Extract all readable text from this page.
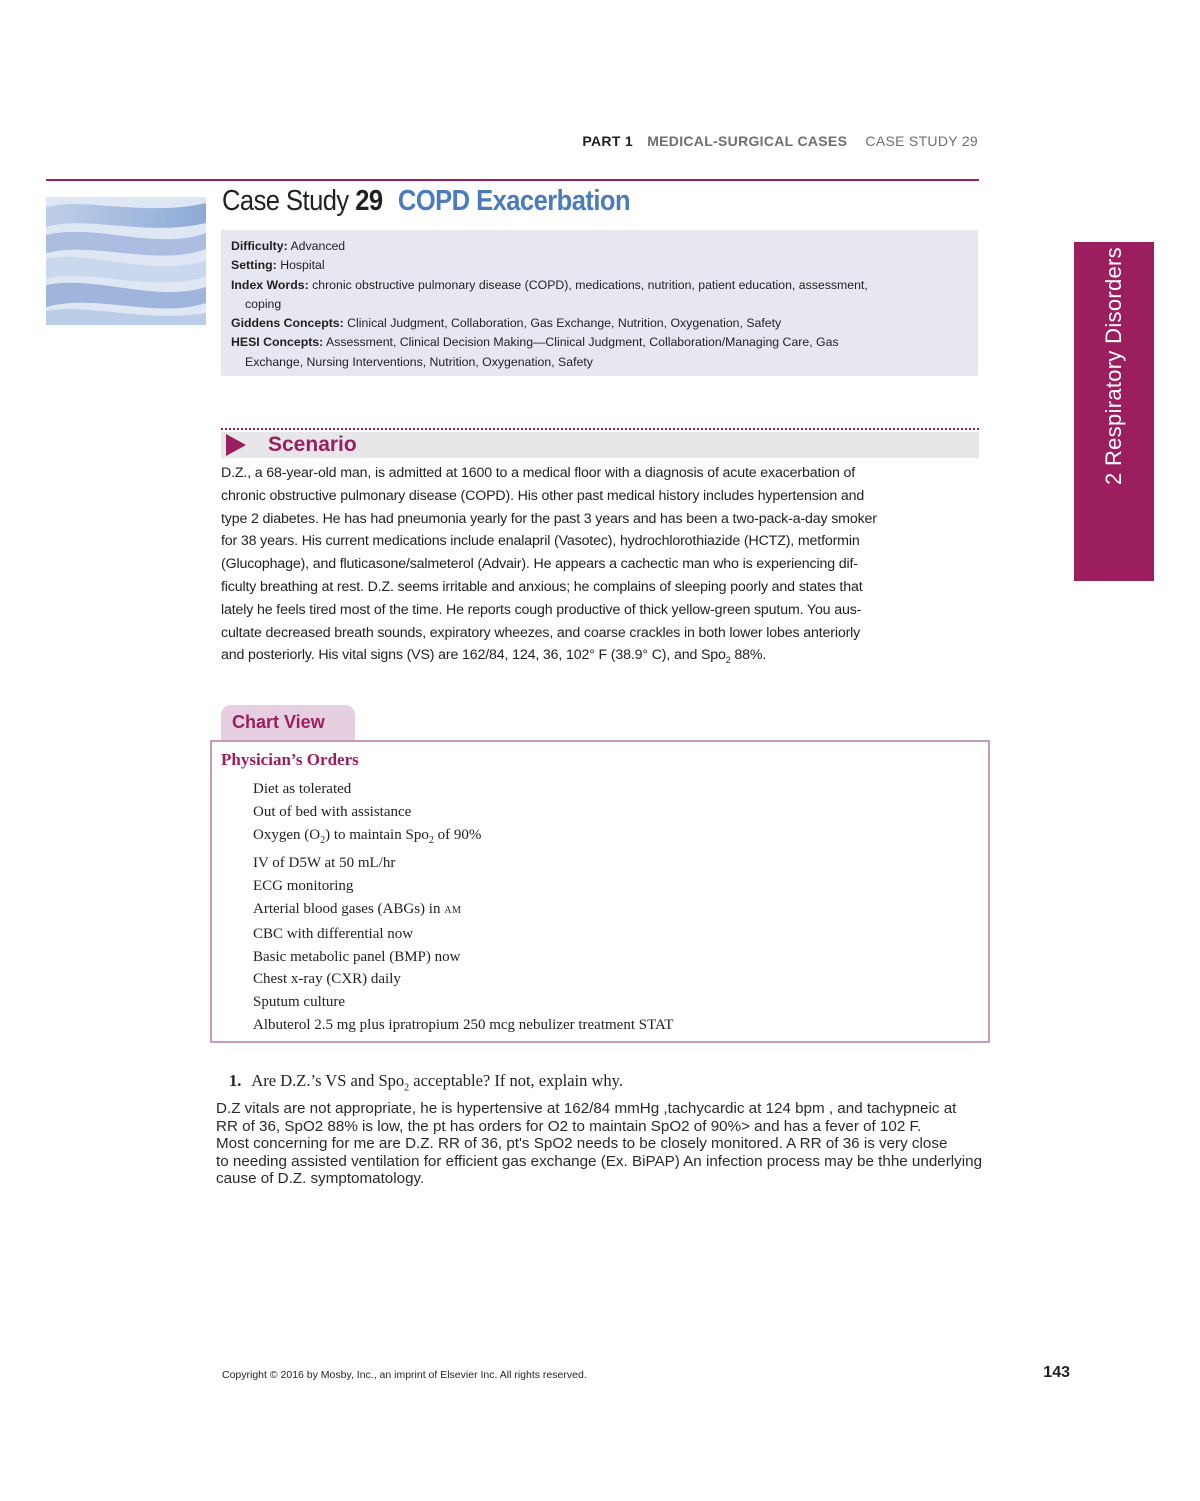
PART 1 MEDICAL-SURGICAL CASES CASE STUDY 29
Case Study 29 COPD Exacerbation
Difficulty: Advanced
Setting: Hospital
Index Words: chronic obstructive pulmonary disease (COPD), medications, nutrition, patient education, assessment,
coping
Giddens Concepts: Clinical Judgment, Collaboration, Gas Exchange, Nutrition, Oxygenation, Safety
HESI Concepts: Assessment, Clinical Decision Making—Clinical Judgment, Collaboration/Managing Care, Gas
Exchange, Nursing Interventions, Nutrition, Oxygenation, Safety
Scenario
D.Z., a 68-year-old man, is admitted at 1600 to a medical floor with a diagnosis of acute exacerbation of
chronic obstructive pulmonary disease (COPD). His other past medical history includes hypertension and
type 2 diabetes. He has had pneumonia yearly for the past 3 years and has been a two-pack-a-day smoker
for 38 years. His current medications include enalapril (Vasotec), hydrochlorothiazide (HCTZ), metformin
(Glucophage), and fluticasone/salmeterol (Advair). He appears a cachectic man who is experiencing dif-
ficulty breathing at rest. D.Z. seems irritable and anxious; he complains of sleeping poorly and states that
lately he feels tired most of the time. He reports cough productive of thick yellow-green sputum. You aus-
cultate decreased breath sounds, expiratory wheezes, and coarse crackles in both lower lobes anteriorly
and posteriorly. His vital signs (VS) are 162/84, 124, 36, 102° F (38.9° C), and Spo$_2$ 88%.
Chart View
Physician’s Orders
Diet as tolerated
Out of bed with assistance
Oxygen $(O_2)$ to maintain Spo$_2$ of 90%
IV of D5W at 50 mL/hr
ECG monitoring
Arterial blood gases (ABGs) in AM
CBC with differential now
Basic metabolic panel (BMP) now
Chest x-ray (CXR) daily
Sputum culture
Albuterol 2.5 mg plus ipratropium 250 mcg nebulizer treatment STAT
1. Are D.Z.’s VS and Spo$_2$ acceptable? If not, explain why.
D.Z vitals are not appropriate, he is hypertensive at 162/84 mmHg ,tachycardic at 124 bpm , and tachypneic at
RR of 36, SpO2 88% is low, the pt has orders for O2 to maintain SpO2 of 90%> and has a fever of 102 F.
Most concerning for me are D.Z. RR of 36, pt's SpO2 needs to be closely monitored. A RR of 36 is very close
to needing assisted ventilation for efficient gas exchange (Ex. BiPAP) An infection process may be thhe underlying
cause of D.Z. symptomatology.
2 Respiratory Disorders
Copyright © 2016 by Mosby, Inc., an imprint of Elsevier Inc. All rights reserved.	143
